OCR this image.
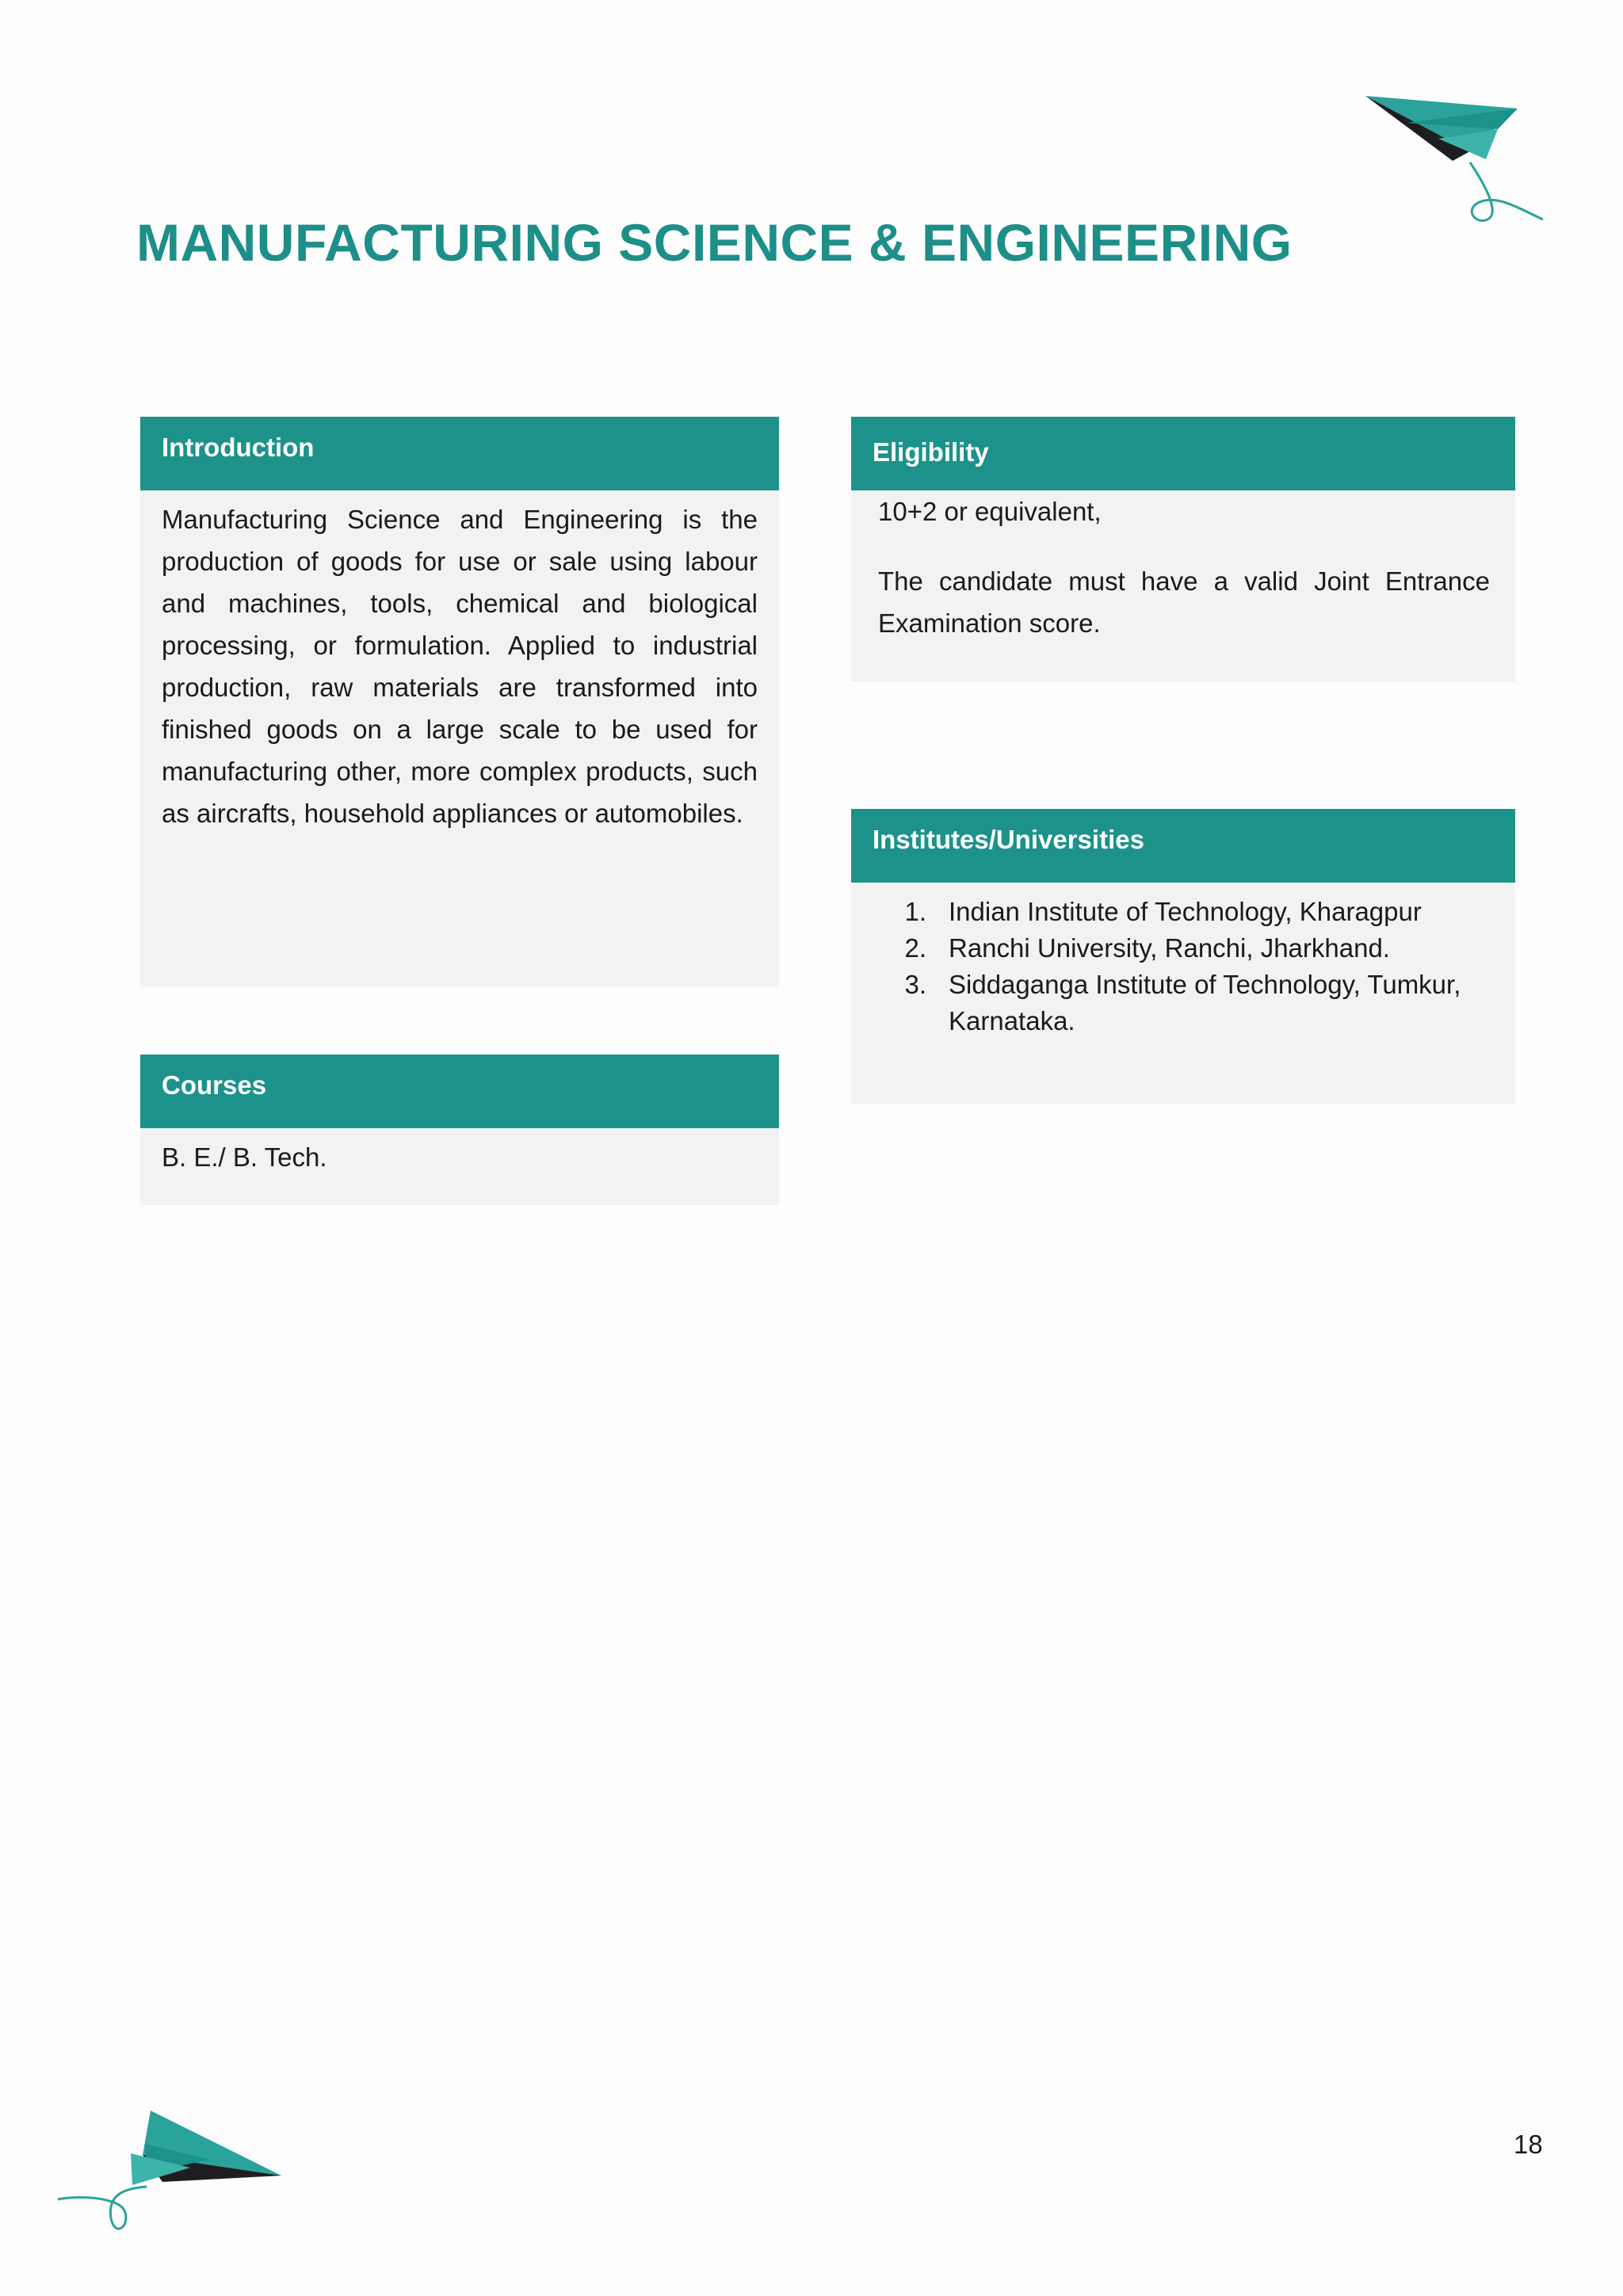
MANUFACTURING SCIENCE & ENGINEERING
Introduction
Manufacturing Science and Engineering is the production of goods for use or sale using labour and machines, tools, chemical and biological processing, or formulation. Applied to industrial production, raw materials are transformed into finished goods on a large scale to be used for manufacturing other, more complex products, such as aircrafts, household appliances or automobiles.
Courses
B. E./ B. Tech.
Eligibility

10+2 or equivalent,

The candidate must have a valid Joint Entrance Examination score.

Institutes/Universities
1. Indian Institute of Technology, Kharagpur
2. Ranchi University, Ranchi, Jharkhand.
3. Siddaganga Institute of Technology, Tumkur, Karnataka.
18
